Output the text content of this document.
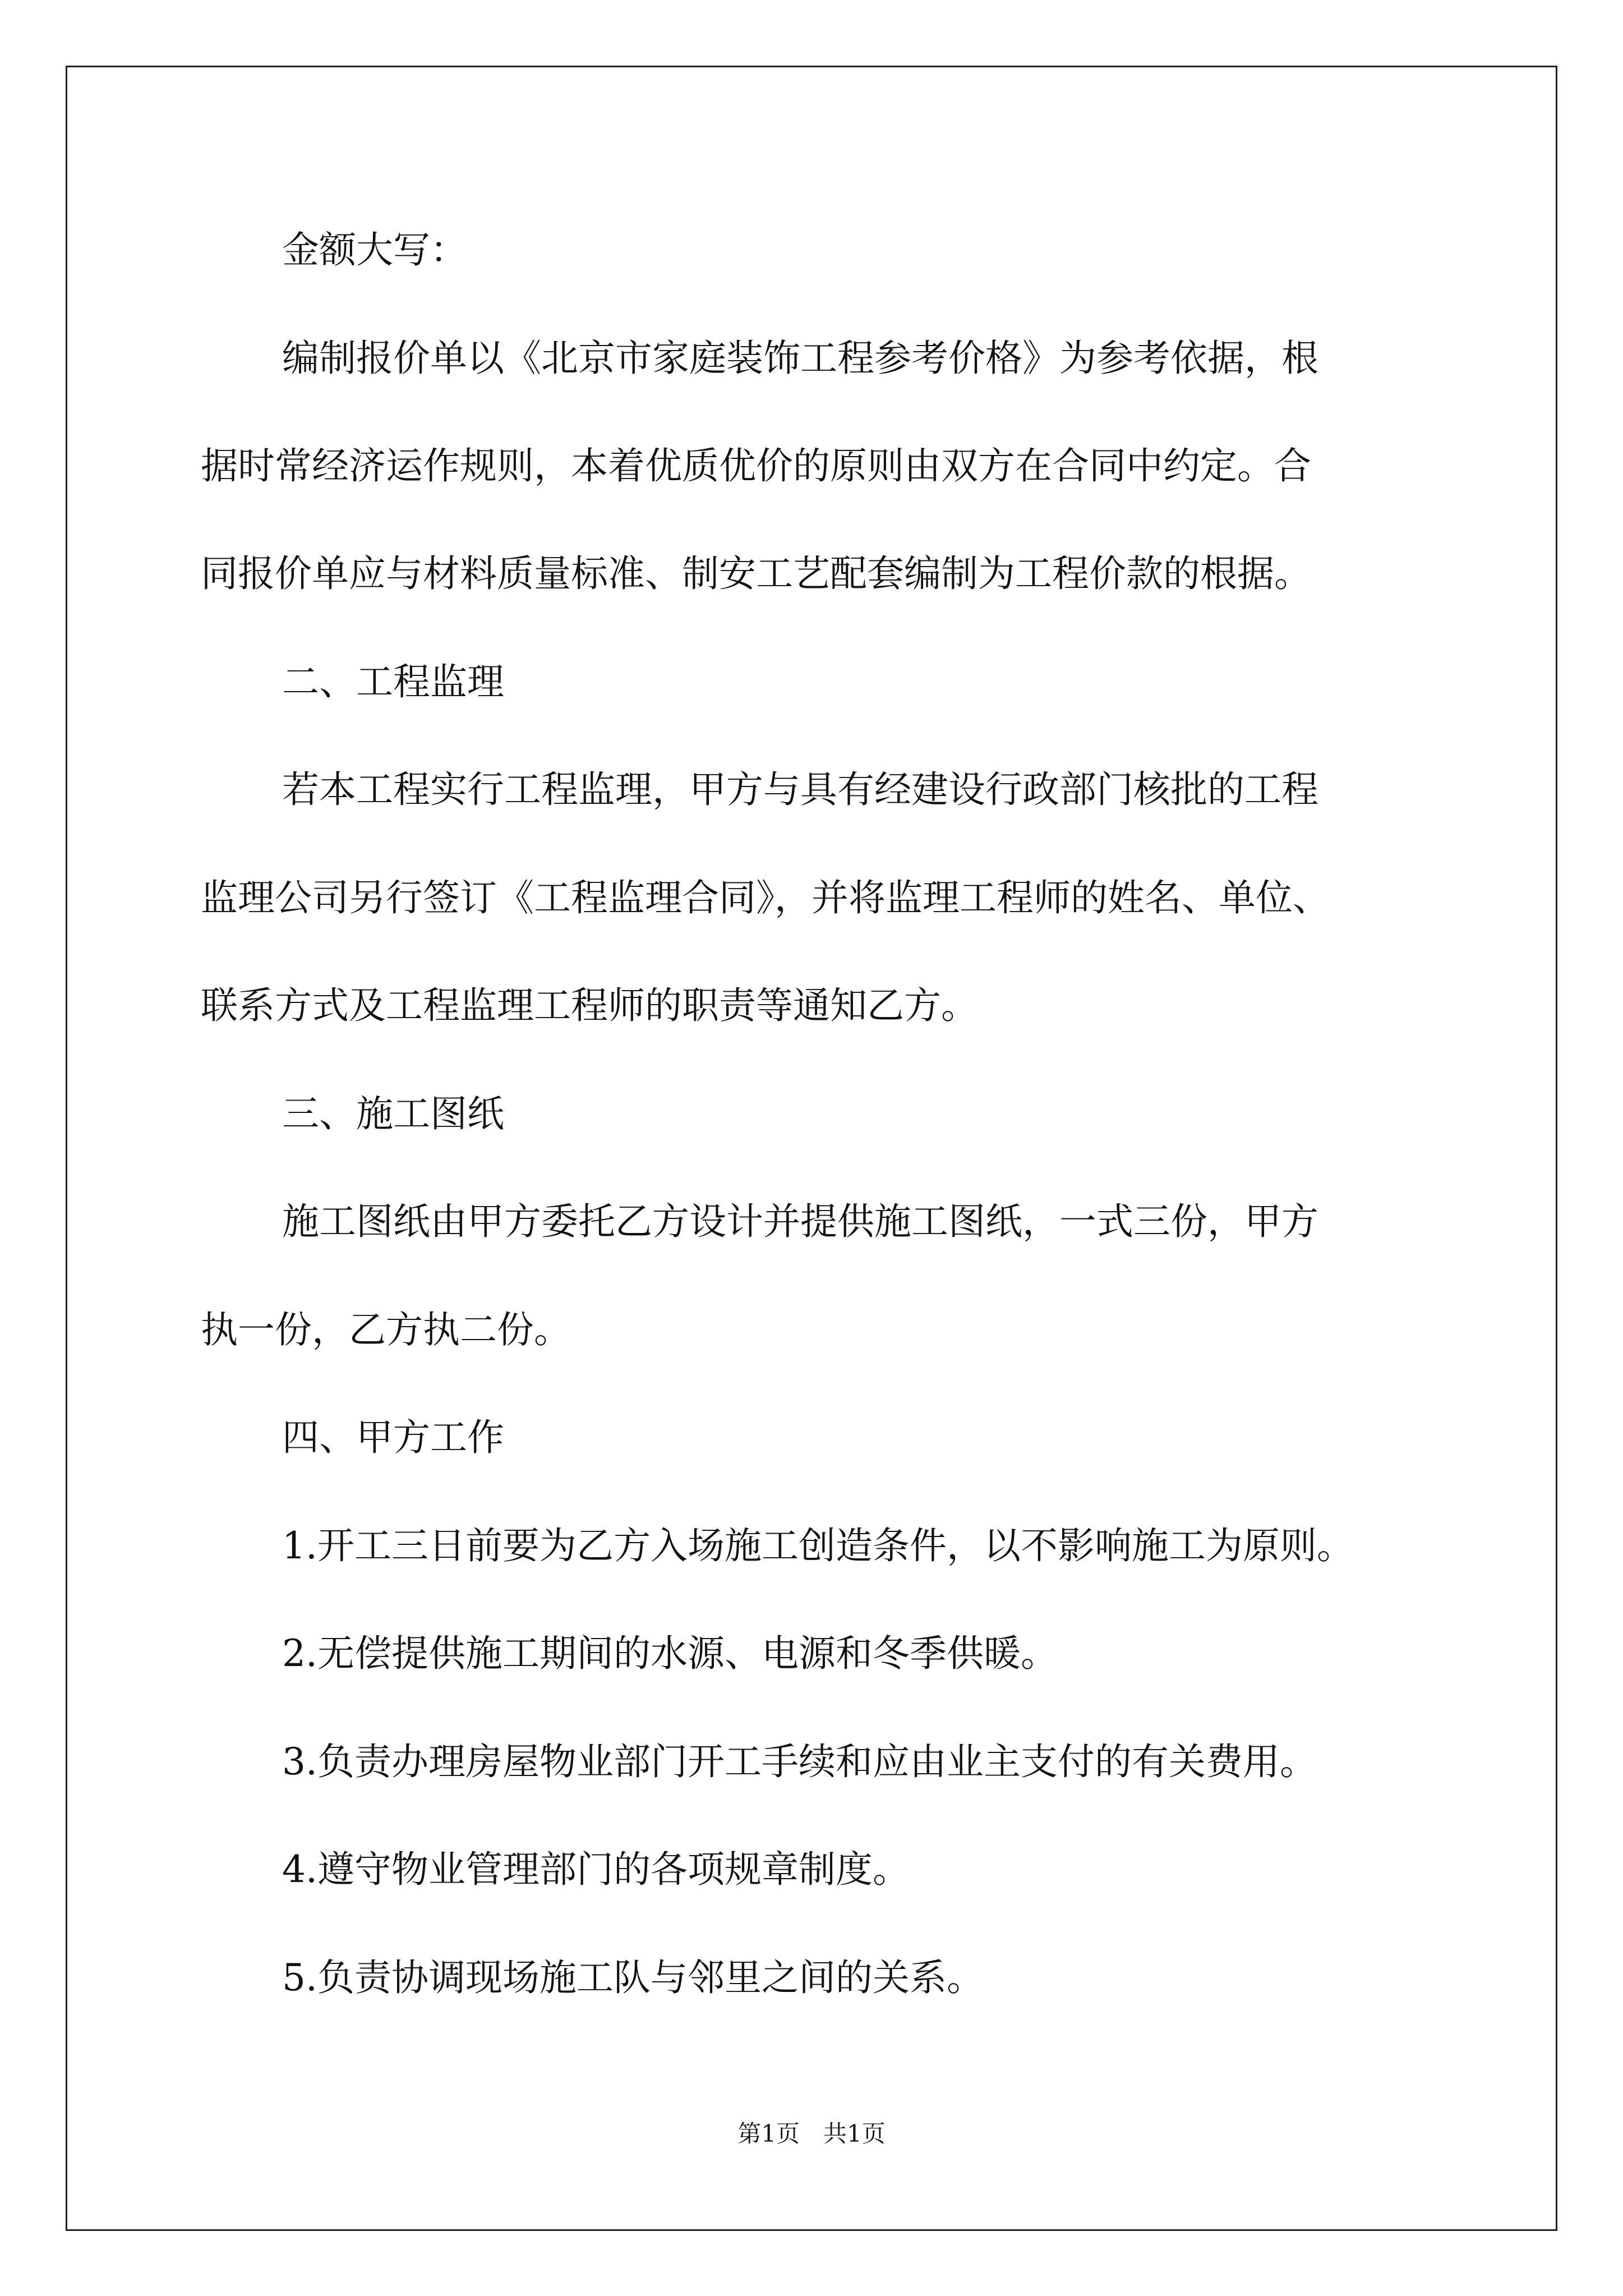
金额大写：
编制报价单以《北京市家庭装饰工程参考价格》为参考依据，根
据时常经济运作规则，本着优质优价的原则由双方在合同中约定。合
同报价单应与材料质量标准、制安工艺配套编制为工程价款的根据。
二、工程监理
若本工程实行工程监理，甲方与具有经建设行政部门核批的工程
监理公司另行签订《工程监理合同》，并将监理工程师的姓名、单位、
联系方式及工程监理工程师的职责等通知乙方。
三、施工图纸
施工图纸由甲方委托乙方设计并提供施工图纸，一式三份，甲方
执一份，乙方执二份。
四、甲方工作
1.开工三日前要为乙方入场施工创造条件，以不影响施工为原则。
2.无偿提供施工期间的水源、电源和冬季供暖。
3.负责办理房屋物业部门开工手续和应由业主支付的有关费用。
4.遵守物业管理部门的各项规章制度。
5.负责协调现场施工队与邻里之间的关系。
第1页　共1页
